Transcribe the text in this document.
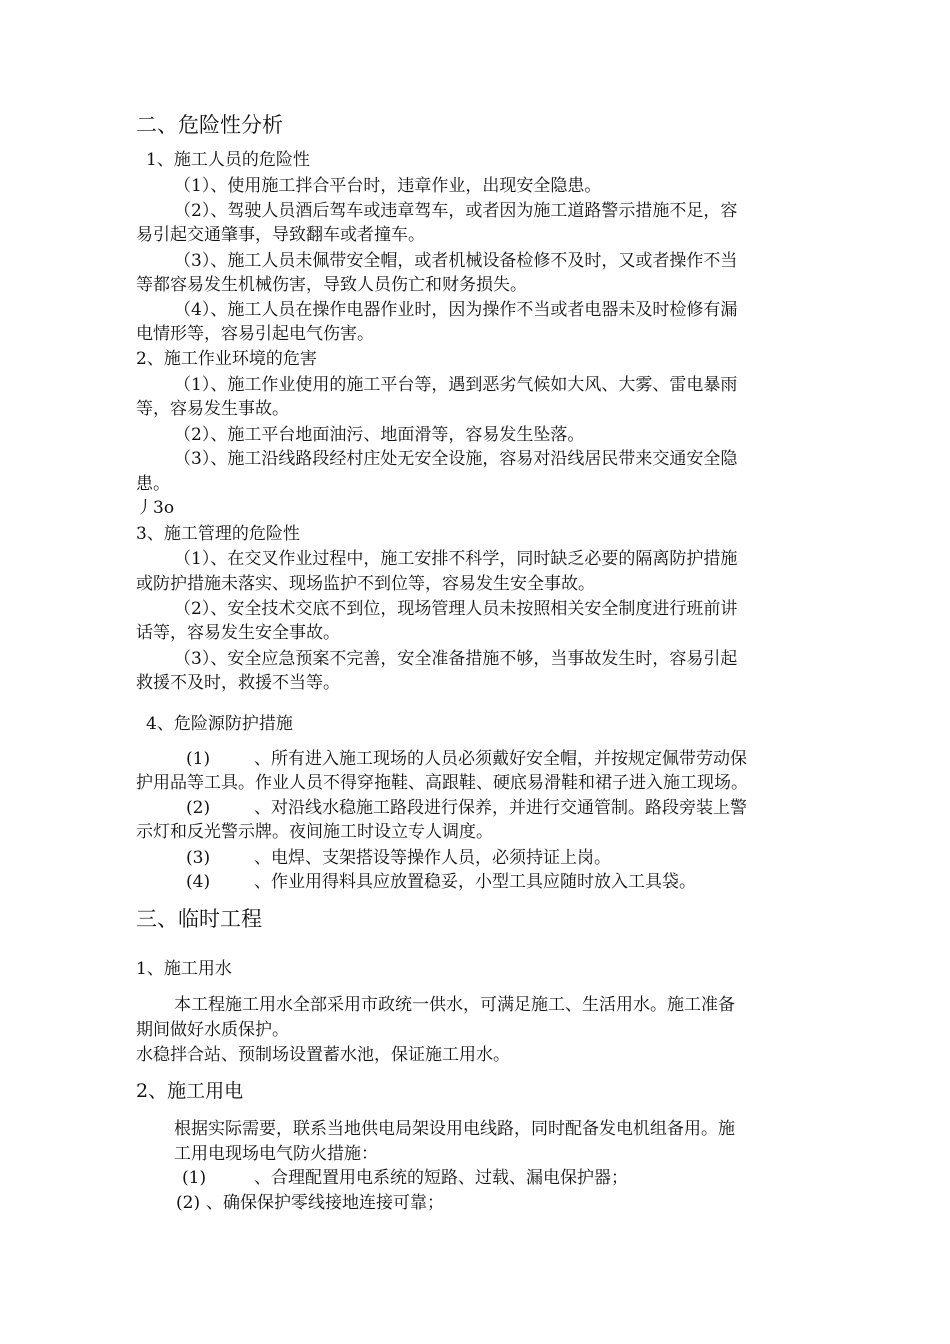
二、危险性分析
1、施工人员的危险性
（1）、使用施工拌合平台时，违章作业，出现安全隐患。
（2）、驾驶人员酒后驾车或违章驾车，或者因为施工道路警示措施不足，容
易引起交通肇事，导致翻车或者撞车。
（3）、施工人员未佩带安全帽，或者机械设备检修不及时，又或者操作不当
等都容易发生机械伤害，导致人员伤亡和财务损失。
（4）、施工人员在操作电器作业时，因为操作不当或者电器未及时检修有漏
电情形等，容易引起电气伤害。
2、施工作业环境的危害
（1）、施工作业使用的施工平台等，遇到恶劣气候如大风、大雾、雷电暴雨
等，容易发生事故。
（2）、施工平台地面油污、地面滑等，容易发生坠落。
（3）、施工沿线路段经村庄处无安全设施，容易对沿线居民带来交通安全隐
患。
丿3o
3、施工管理的危险性
（1）、在交叉作业过程中，施工安排不科学，同时缺乏必要的隔离防护措施
或防护措施未落实、现场监护不到位等，容易发生安全事故。
（2）、安全技术交底不到位，现场管理人员未按照相关安全制度进行班前讲
话等，容易发生安全事故。
（3）、安全应急预案不完善，安全准备措施不够，当事故发生时，容易引起
救援不及时，救援不当等。
4、危险源防护措施
(1)	、所有进入施工现场的人员必须戴好安全帽，并按规定佩带劳动保
护用品等工具。作业人员不得穿拖鞋、高跟鞋、硬底易滑鞋和裙子进入施工现场。
(2)	、对沿线水稳施工路段进行保养，并进行交通管制。路段旁装上警
示灯和反光警示牌。夜间施工时设立专人调度。
(3)	、电焊、支架搭设等操作人员，必须持证上岗。
(4)	、作业用得料具应放置稳妥，小型工具应随时放入工具袋。
三、临时工程
1、施工用水
本工程施工用水全部采用市政统一供水，可满足施工、生活用水。施工准备
期间做好水质保护。
水稳拌合站、预制场设置蓄水池，保证施工用水。
2、施工用电
根据实际需要，联系当地供电局架设用电线路，同时配备发电机组备用。施
工用电现场电气防火措施：
(1)	、合理配置用电系统的短路、过载、漏电保护器；
(2) 、确保保护零线接地连接可靠；
